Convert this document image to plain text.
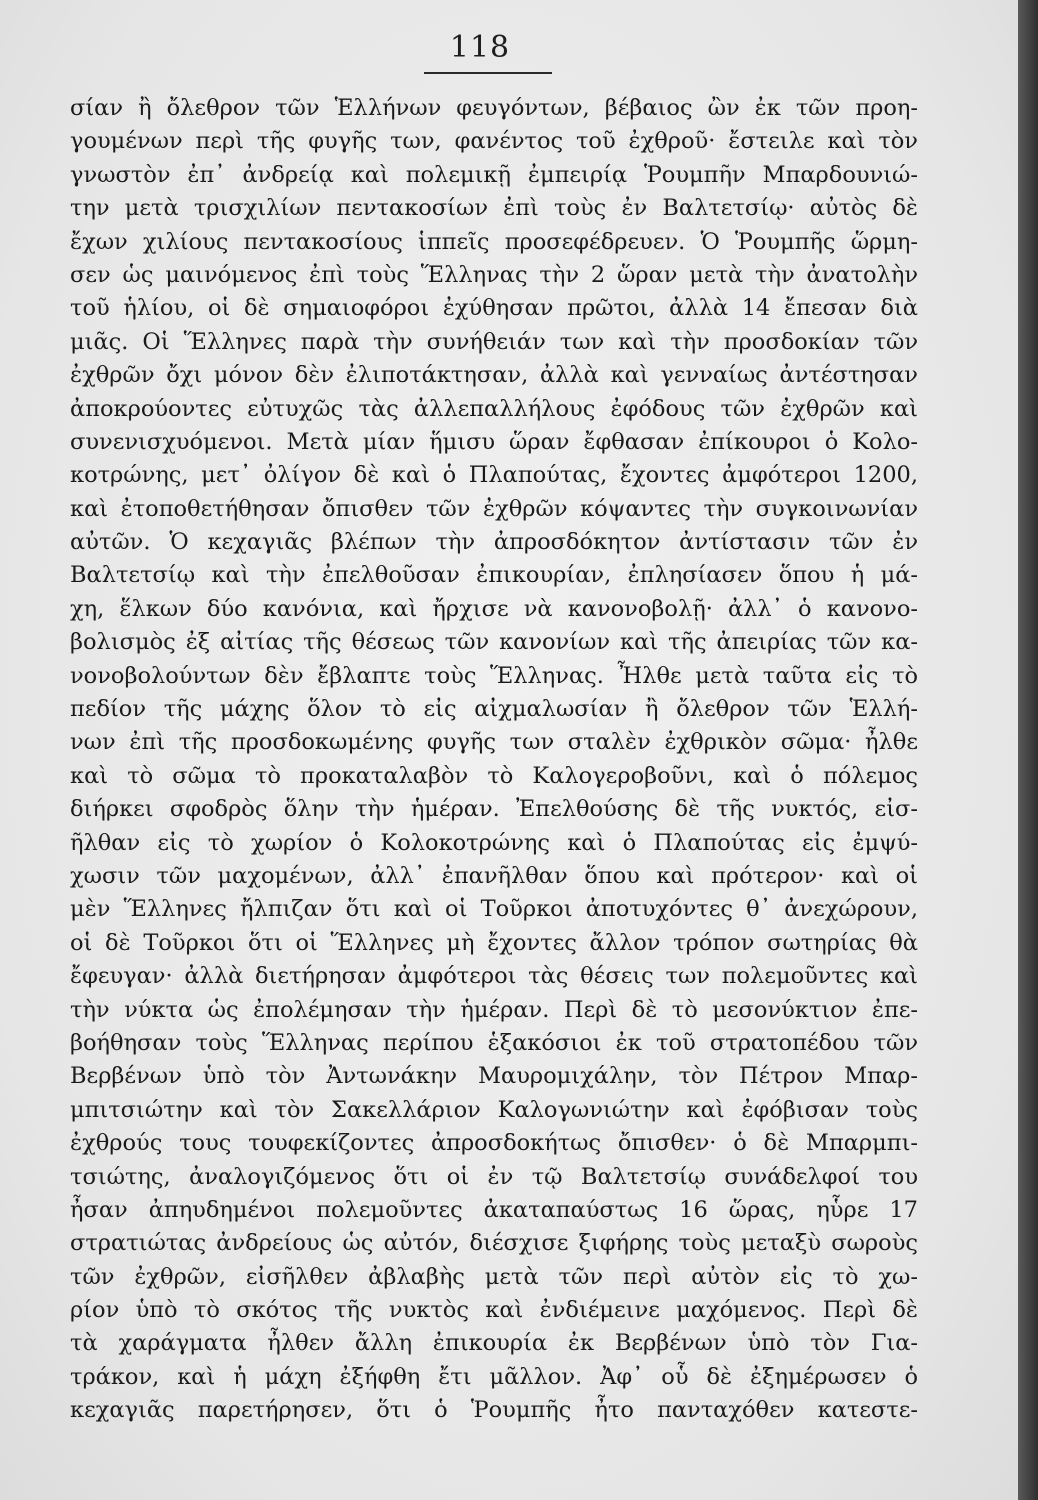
118
σίαν ἢ ὄλεθρον τῶν Ἑλλήνων φευγόντων, βέβαιος ὢν ἐκ τῶν προη-
γουμένων περὶ τῆς φυγῆς των, φανέντος τοῦ ἐχθροῦ· ἔστειλε καὶ τὸν
γνωστὸν ἐπ᾿ ἀνδρείᾳ καὶ πολεμικῇ ἐμπειρίᾳ Ῥουμπῆν Μπαρδουνιώ-
την μετὰ τρισχιλίων πεντακοσίων ἐπὶ τοὺς ἐν Βαλτετσίῳ· αὐτὸς δὲ
ἔχων χιλίους πεντακοσίους ἱππεῖς προσεφέδρευεν. Ὁ Ῥουμπῆς ὥρμη-
σεν ὡς μαινόμενος ἐπὶ τοὺς Ἕλληνας τὴν 2 ὥραν μετὰ τὴν ἀνατολὴν
τοῦ ἡλίου, οἱ δὲ σημαιοφόροι ἐχύθησαν πρῶτοι, ἀλλὰ 14 ἔπεσαν διὰ
μιᾶς. Οἱ Ἕλληνες παρὰ τὴν συνήθειάν των καὶ τὴν προσδοκίαν τῶν
ἐχθρῶν ὄχι μόνον δὲν ἐλιποτάκτησαν, ἀλλὰ καὶ γενναίως ἀντέστησαν
ἀποκρούοντες εὐτυχῶς τὰς ἀλλεπαλλήλους ἐφόδους τῶν ἐχθρῶν καὶ
συνενισχυόμενοι. Μετὰ μίαν ἥμισυ ὥραν ἔφθασαν ἐπίκουροι ὁ Κολο-
κοτρώνης, μετ᾿ ὀλίγον δὲ καὶ ὁ Πλαπούτας, ἔχοντες ἀμφότεροι 1200,
καὶ ἐτοποθετήθησαν ὄπισθεν τῶν ἐχθρῶν κόψαντες τὴν συγκοινωνίαν
αὐτῶν. Ὁ κεχαγιᾶς βλέπων τὴν ἀπροσδόκητον ἀντίστασιν τῶν ἐν
Βαλτετσίῳ καὶ τὴν ἐπελθοῦσαν ἐπικουρίαν, ἐπλησίασεν ὅπου ἡ μά-
χη, ἕλκων δύο κανόνια, καὶ ἤρχισε νὰ κανονοβολῇ· ἀλλ᾿ ὁ κανονο-
βολισμὸς ἐξ αἰτίας τῆς θέσεως τῶν κανονίων καὶ τῆς ἀπειρίας τῶν κα-
νονοβολούντων δὲν ἔβλαπτε τοὺς Ἕλληνας. Ἦλθε μετὰ ταῦτα εἰς τὸ
πεδίον τῆς μάχης ὅλον τὸ εἰς αἰχμαλωσίαν ἢ ὄλεθρον τῶν Ἑλλή-
νων ἐπὶ τῆς προσδοκωμένης φυγῆς των σταλὲν ἐχθρικὸν σῶμα· ἦλθε
καὶ τὸ σῶμα τὸ προκαταλαβὸν τὸ Καλογεροβοῦνι, καὶ ὁ πόλεμος
διήρκει σφοδρὸς ὅλην τὴν ἡμέραν. Ἐπελθούσης δὲ τῆς νυκτός, εἰσ-
ῆλθαν εἰς τὸ χωρίον ὁ Κολοκοτρώνης καὶ ὁ Πλαπούτας εἰς ἐμψύ-
χωσιν τῶν μαχομένων, ἀλλ᾿ ἐπανῆλθαν ὅπου καὶ πρότερον· καὶ οἱ
μὲν Ἕλληνες ἤλπιζαν ὅτι καὶ οἱ Τοῦρκοι ἀποτυχόντες θ᾿ ἀνεχώρουν,
οἱ δὲ Τοῦρκοι ὅτι οἱ Ἕλληνες μὴ ἔχοντες ἄλλον τρόπον σωτηρίας θὰ
ἔφευγαν· ἀλλὰ διετήρησαν ἀμφότεροι τὰς θέσεις των πολεμοῦντες καὶ
τὴν νύκτα ὡς ἐπολέμησαν τὴν ἡμέραν. Περὶ δὲ τὸ μεσονύκτιον ἐπε-
βοήθησαν τοὺς Ἕλληνας περίπου ἑξακόσιοι ἐκ τοῦ στρατοπέδου τῶν
Βερβένων ὑπὸ τὸν Ἀντωνάκην Μαυρομιχάλην, τὸν Πέτρον Μπαρ-
μπιτσιώτην καὶ τὸν Σακελλάριον Καλογωνιώτην καὶ ἐφόβισαν τοὺς
ἐχθρούς τους τουφεκίζοντες ἀπροσδοκήτως ὄπισθεν· ὁ δὲ Μπαρμπι-
τσιώτης, ἀναλογιζόμενος ὅτι οἱ ἐν τῷ Βαλτετσίῳ συνάδελφοί του
ἦσαν ἀπηυδημένοι πολεμοῦντες ἀκαταπαύστως 16 ὥρας, ηὗρε 17
στρατιώτας ἀνδρείους ὡς αὐτόν, διέσχισε ξιφήρης τοὺς μεταξὺ σωροὺς
τῶν ἐχθρῶν, εἰσῆλθεν ἀβλαβὴς μετὰ τῶν περὶ αὐτὸν εἰς τὸ χω-
ρίον ὑπὸ τὸ σκότος τῆς νυκτὸς καὶ ἐνδιέμεινε μαχόμενος. Περὶ δὲ
τὰ χαράγματα ἦλθεν ἄλλη ἐπικουρία ἐκ Βερβένων ὑπὸ τὸν Για-
τράκον, καὶ ἡ μάχη ἐξήφθη ἔτι μᾶλλον. Ἀφ᾿ οὗ δὲ ἐξημέρωσεν ὁ
κεχαγιᾶς παρετήρησεν, ὅτι ὁ Ῥουμπῆς ἦτο πανταχόθεν κατεστε-
